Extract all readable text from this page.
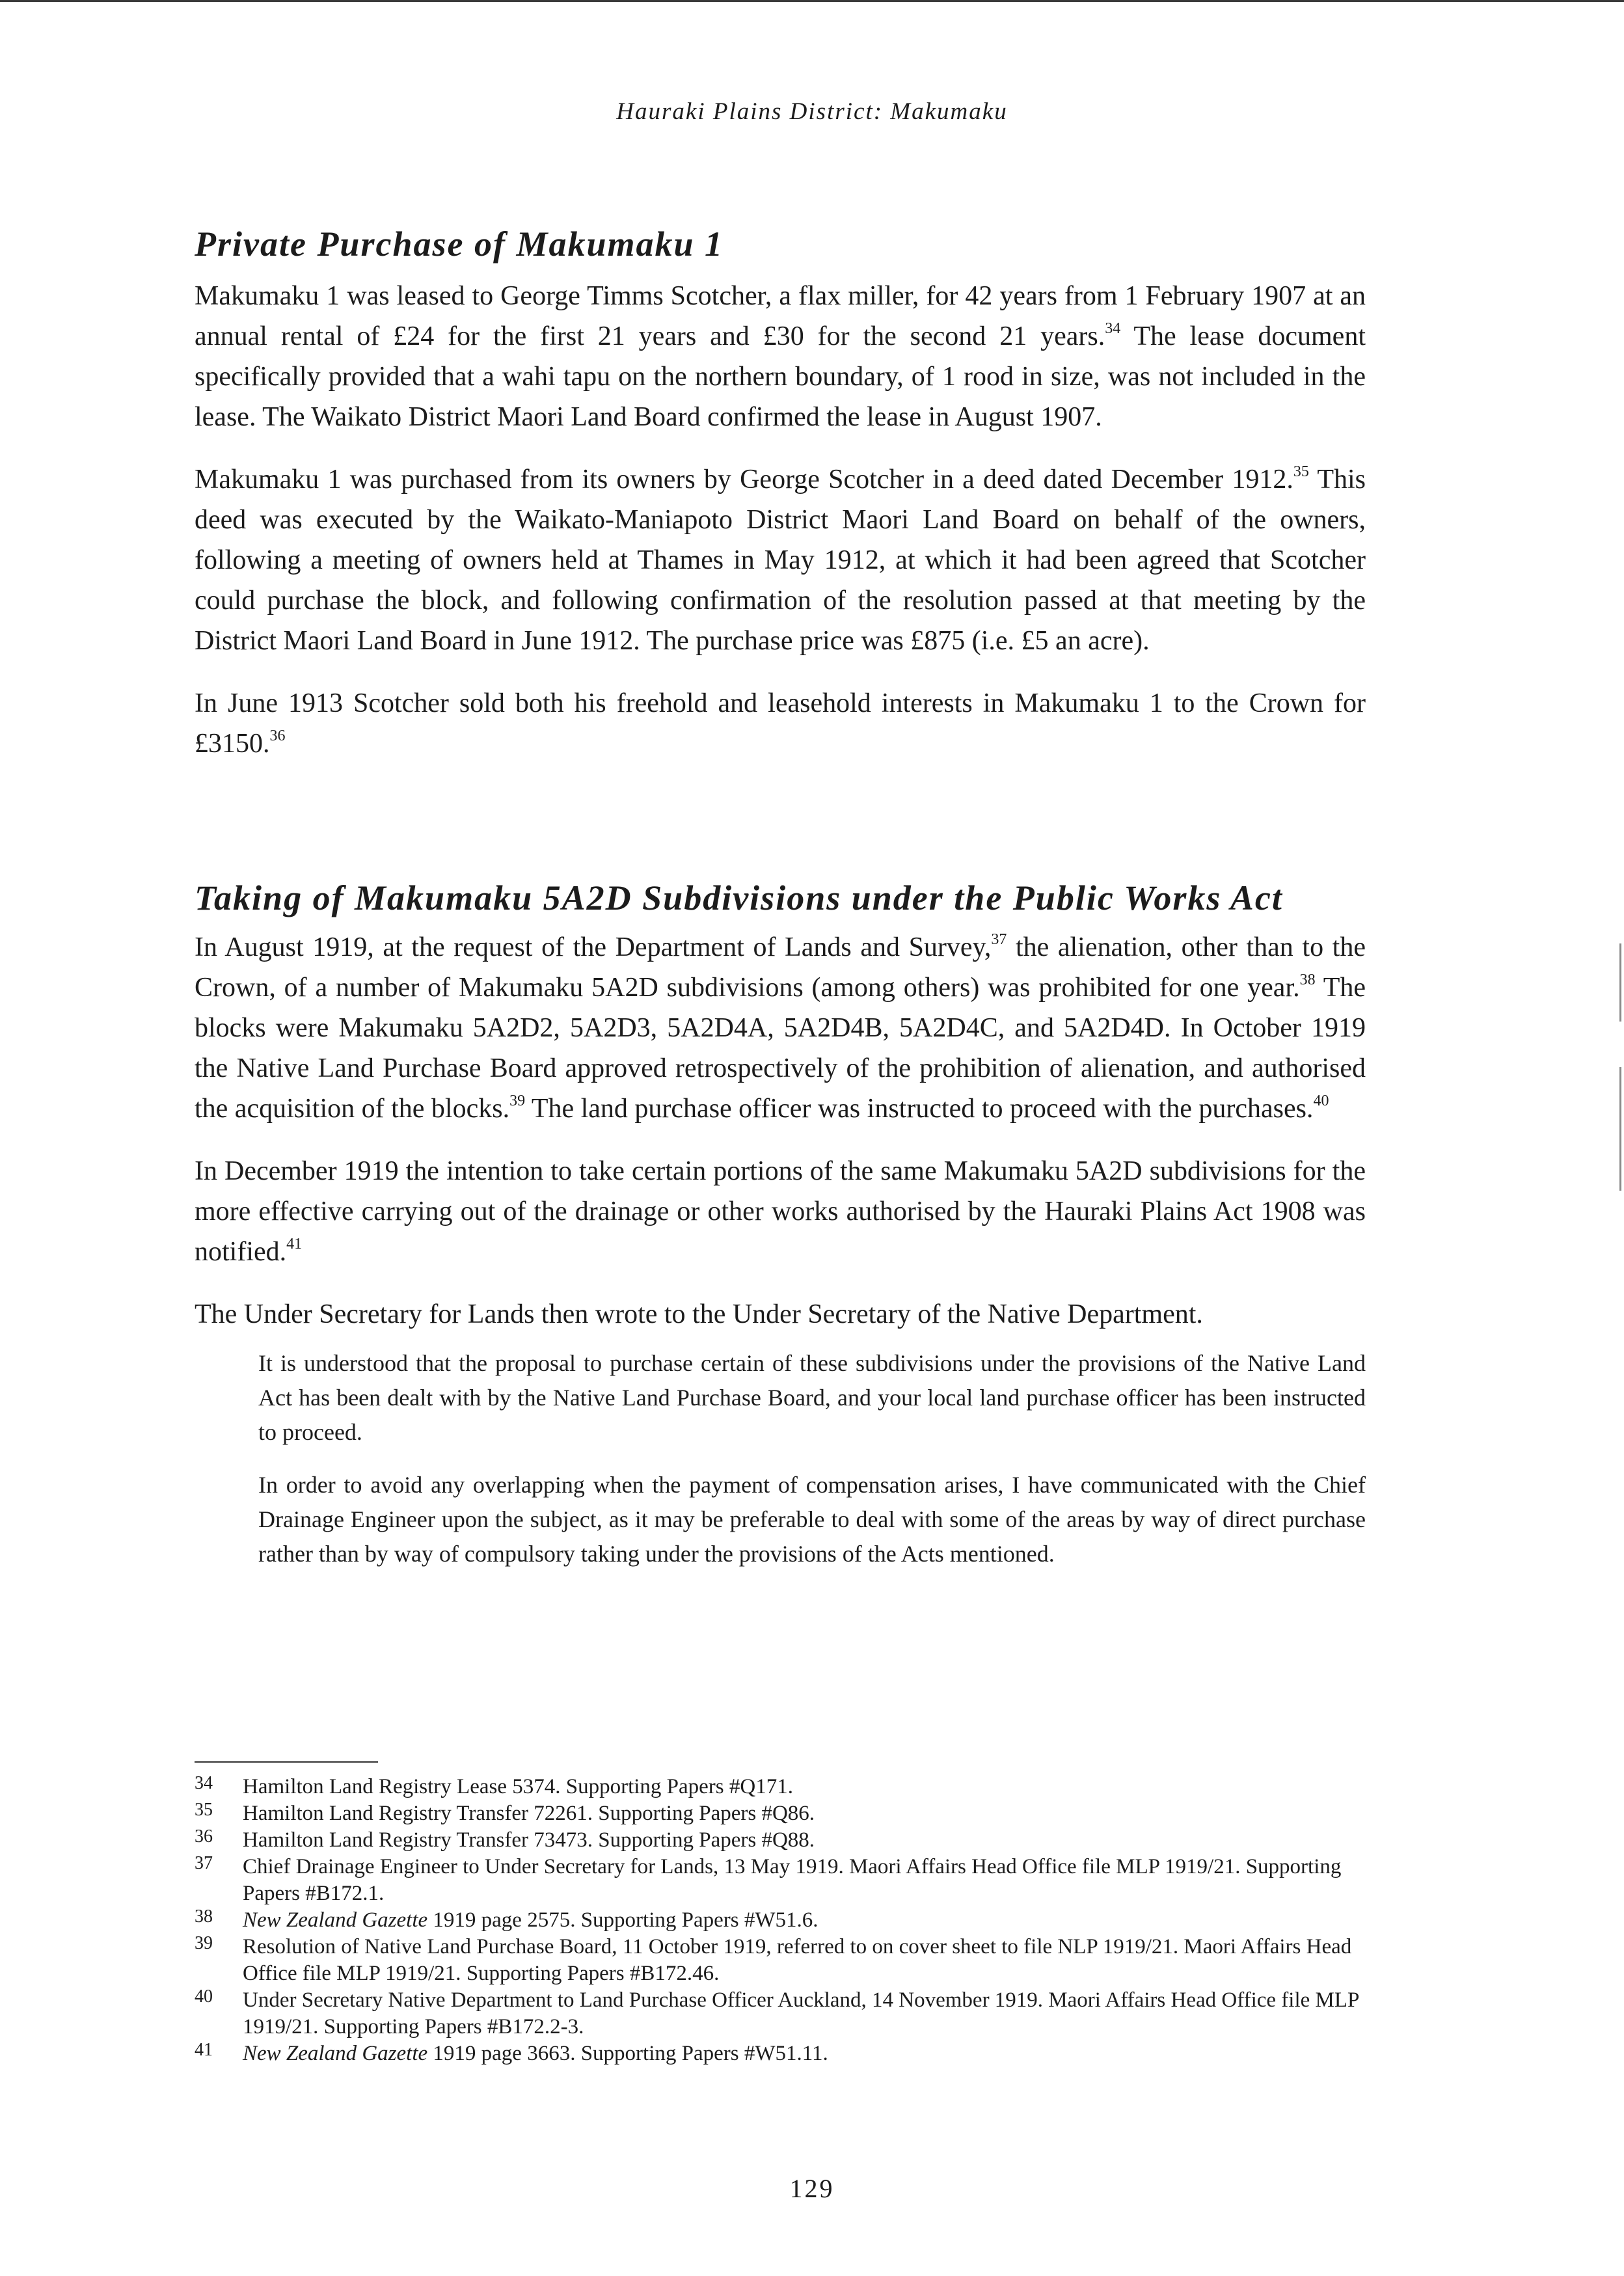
Hauraki Plains District: Makumaku
Private Purchase of Makumaku 1

Makumaku 1 was leased to George Timms Scotcher, a flax miller, for 42 years from 1 February 1907 at an annual rental of £24 for the first 21 years and £30 for the second 21 years.$^{34}$ The lease document specifically provided that a wahi tapu on the northern boundary, of 1 rood in size, was not included in the lease. The Waikato District Maori Land Board confirmed the lease in August 1907.

Makumaku 1 was purchased from its owners by George Scotcher in a deed dated December 1912.35 This deed was executed by the Waikato-Maniapoto District Maori Land Board on behalf of the owners, following a meeting of owners held at Thames in May 1912, at which it had been agreed that Scotcher could purchase the block, and following confirmation of the resolution passed at that meeting by the District Maori Land Board in June 1912. The purchase price was £875 (i.e. £5 an acre).

In June 1913 Scotcher sold both his freehold and leasehold interests in Makumaku 1 to the Crown for £3150.36

Taking of Makumaku 5A2D Subdivisions under the Public Works Act

In August 1919, at the request of the Department of Lands and Survey,$^{37}$ the alienation, other than to the Crown, of a number of Makumaku 5A2D subdivisions (among others) was prohibited for one year.$^{38}$ The blocks were Makumaku 5A2D2, 5A2D3, 5A2D4A, 5A2D4B, 5A2D4C, and 5A2D4D. In October 1919 the Native Land Purchase Board approved retrospectively of the prohibition of alienation, and authorised the acquisition of the blocks.$^{39}$ The land purchase officer was instructed to proceed with the purchases.$^{40}$

In December 1919 the intention to take certain portions of the same Makumaku 5A2D subdivisions for the more effective carrying out of the drainage or other works authorised by the Hauraki Plains Act 1908 was notified.$^{41}$

The Under Secretary for Lands then wrote to the Under Secretary of the Native Department.

It is understood that the proposal to purchase certain of these subdivisions under the provisions of the Native Land Act has been dealt with by the Native Land Purchase Board, and your local land purchase officer has been instructed to proceed.

In order to avoid any overlapping when the payment of compensation arises, I have communicated with the Chief Drainage Engineer upon the subject, as it may be preferable to deal with some of the areas by way of direct purchase rather than by way of compulsory taking under the provisions of the Acts mentioned.

34	Hamilton Land Registry Lease 5374. Supporting Papers #Q171.
35	Hamilton Land Registry Transfer 72261. Supporting Papers #Q86.
36	Hamilton Land Registry Transfer 73473. Supporting Papers #Q88.
37	Chief Drainage Engineer to Under Secretary for Lands, 13 May 1919. Maori Affairs Head Office file MLP 1919/21. Supporting Papers #B172.1.
38	New Zealand Gazette 1919 page 2575. Supporting Papers #W51.6.
39	Resolution of Native Land Purchase Board, 11 October 1919, referred to on cover sheet to file NLP 1919/21. Maori Affairs Head Office file MLP 1919/21. Supporting Papers #B172.46.
40	Under Secretary Native Department to Land Purchase Officer Auckland, 14 November 1919. Maori Affairs Head Office file MLP 1919/21. Supporting Papers #B172.2-3.
41	New Zealand Gazette 1919 page 3663. Supporting Papers #W51.11.
129
